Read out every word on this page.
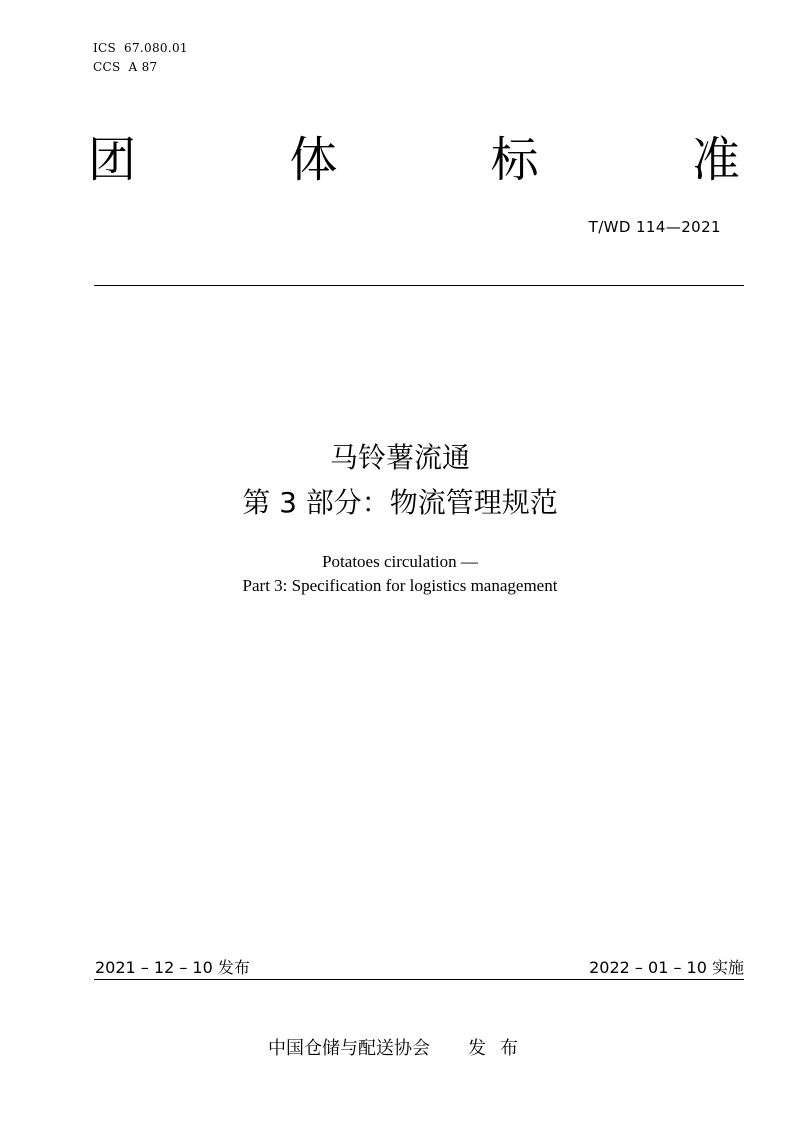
ICS 67.080.01
CCS A 87
团	体	标	准
T/WD 114—2021
马铃薯流通
第 3 部分：物流管理规范
Potatoes circulation —
Part 3: Specification for logistics management
2021 – 12 – 10 发布	2022 – 01 – 10 实施
中国仓储与配送协会 发布
